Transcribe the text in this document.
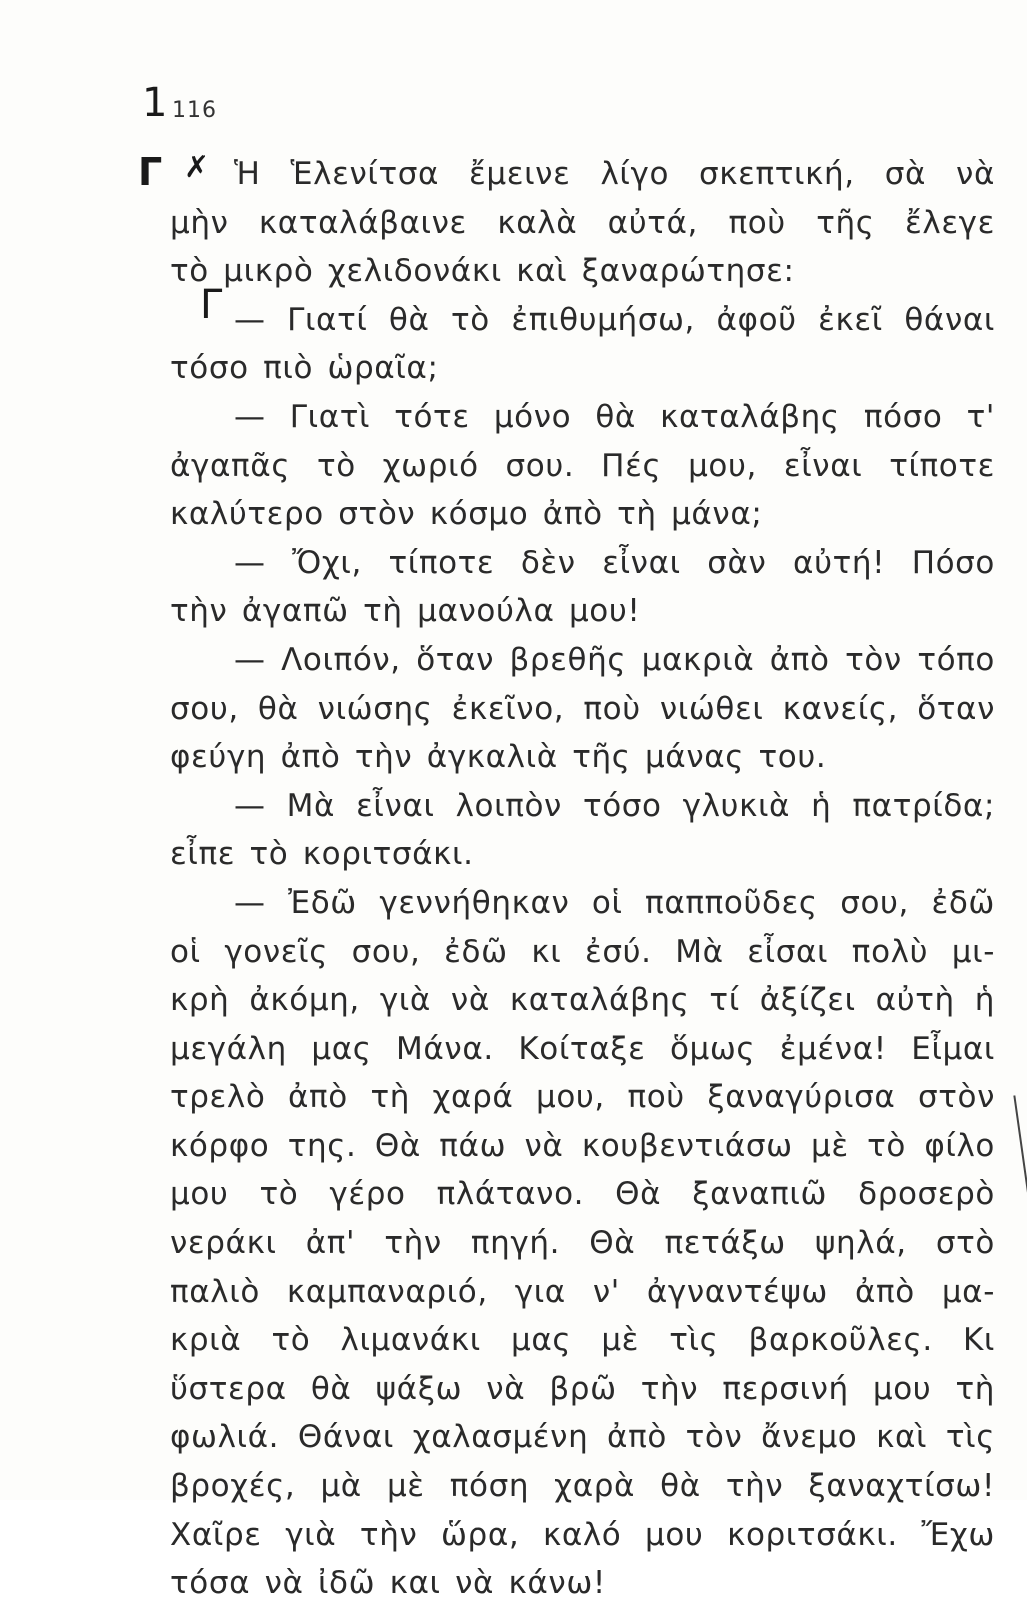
116
1
Γ ✗
Γ
Ἡ Ἑλενίτσα ἔμεινε λίγο σκεπτική, σὰ νὰ
μὴν καταλάβαινε καλὰ αὐτά, ποὺ τῆς ἔλεγε
τὸ μικρὸ χελιδονάκι καὶ ξαναρώτησε:
— Γιατί θὰ τὸ ἐπιθυμήσω, ἀφοῦ ἐκεῖ θάναι
τόσο πιὸ ὡραῖα;
— Γιατὶ τότε μόνο θὰ καταλάβης πόσο τ'
ἀγαπᾶς τὸ χωριό σου. Πές μου, εἶναι τίποτε
καλύτερο στὸν κόσμο ἀπὸ τὴ μάνα;
— Ὄχι, τίποτε δὲν εἶναι σὰν αὐτή! Πόσο
τὴν ἀγαπῶ τὴ μανούλα μου!
— Λοιπόν, ὅταν βρεθῆς μακριὰ ἀπὸ τὸν τόπο
σου, θὰ νιώσης ἐκεῖνο, ποὺ νιώθει κανείς, ὅταν
φεύγη ἀπὸ τὴν ἀγκαλιὰ τῆς μάνας του.
— Μὰ εἶναι λοιπὸν τόσο γλυκιὰ ἡ πατρίδα;
εἶπε τὸ κοριτσάκι.
— Ἐδῶ γεννήθηκαν οἱ παπποῦδες σου, ἐδῶ
οἱ γονεῖς σου, ἐδῶ κι ἐσύ. Μὰ εἶσαι πολὺ μι-
κρὴ ἀκόμη, γιὰ νὰ καταλάβης τί ἀξίζει αὐτὴ ἡ
μεγάλη μας Μάνα. Κοίταξε ὅμως ἐμένα! Εἶμαι
τρελὸ ἀπὸ τὴ χαρά μου, ποὺ ξαναγύρισα στὸν
κόρφο της. Θὰ πάω νὰ κουβεντιάσω μὲ τὸ φίλο
μου τὸ γέρο πλάτανο. Θὰ ξαναπιῶ δροσερὸ
νεράκι ἀπ' τὴν πηγή. Θὰ πετάξω ψηλά, στὸ
παλιὸ καμπαναριό, για ν' ἀγναντέψω ἀπὸ μα-
κριὰ τὸ λιμανάκι μας μὲ τὶς βαρκοῦλες. Κι
ὕστερα θὰ ψάξω νὰ βρῶ τὴν περσινή μου τὴ
φωλιά. Θάναι χαλασμένη ἀπὸ τὸν ἄνεμο καὶ τὶς
βροχές, μὰ μὲ πόση χαρὰ θὰ τὴν ξαναχτίσω!
Χαῖρε γιὰ τὴν ὥρα, καλό μου κοριτσάκι. Ἔχω
τόσα νὰ ἰδῶ και νὰ κάνω!
